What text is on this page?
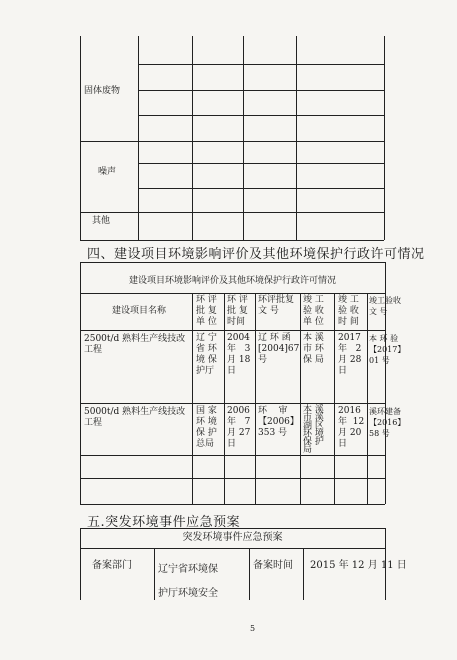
固体废物
噪声
其他
四、建设项目环境影响评价及其他环境保护行政许可情况
建设项目环境影响评价及其他环境保护行政许可情况
建设项目名称
环 评
批 复
单 位
环 评
批 复
时间
环评批复
文 号
竣 工
验 收
单 位
竣 工
验 收
时 间
竣工验收
文 号
2500t/d 熟料生产线技改
工程
辽 宁
省 环
境 保
护厅
2004
年   3
月 18
日
辽 环 函
[2004]67
号
本 溪
市 环
保 局
2017
年   2
月 28
日
本 环 验
【2017】
01 号
5000t/d 熟料生产线技改
工程
国 家
环 境
保 护
总局
2006
年   7
月 27
日
环    审
【2006】
353 号
本 溪
市 溪
湖 区
环 境
保 护
局
2016
年  12
月 20
日
溪环建备
【2016】
58 号
五.突发环境事件应急预案
突发环境事件应急预案
备案部门	辽宁省环境保
护厅环境安全
备案时间 2015 年 12 月 11 日
5
